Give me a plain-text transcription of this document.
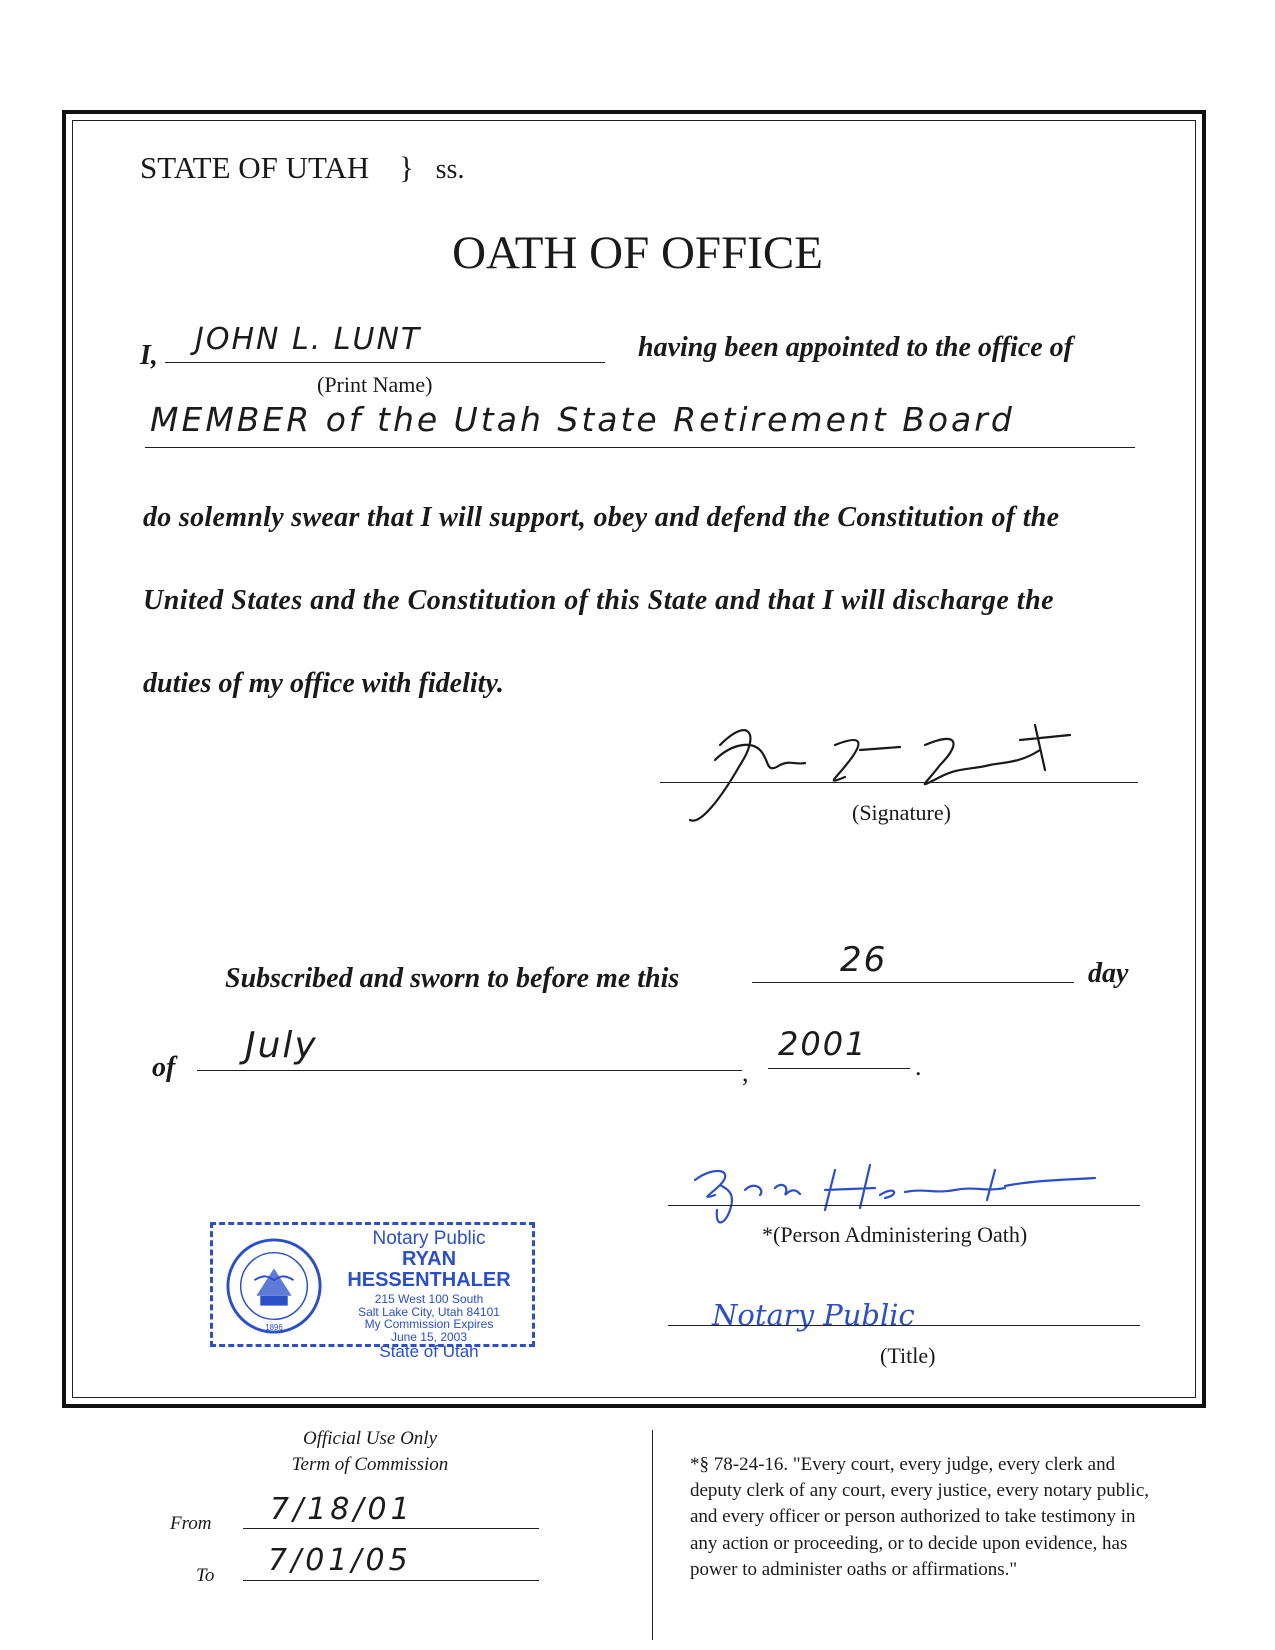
STATE OF UTAH } ss.
OATH OF OFFICE
I, JOHN L. LUNT	having been appointed to the office of
(Print Name)
MEMBER of the Utah State Retirement Board
do solemnly swear that I will support, obey and defend the Constitution of the
United States and the Constitution of this State and that I will discharge the
duties of my office with fidelity.
John L Lunt
(Signature)
Subscribed and sworn to before me this	26	day
of
July
,
2001
.
Ryan Hessenthaler
*(Person Administering Oath)
Notary Public
(Title)
1896
Notary Public
RYAN HESSENTHALER
215 West 100 South
Salt Lake City, Utah 84101
My Commission Expires
June 15, 2003
State of Utah
Official Use Only
Term of Commission
From 7/18/01
To 7/01/05
*§ 78-24-16. "Every court, every judge, every clerk and
deputy clerk of any court, every justice, every notary public,
and every officer or person authorized to take testimony in
any action or proceeding, or to decide upon evidence, has
power to administer oaths or affirmations."
